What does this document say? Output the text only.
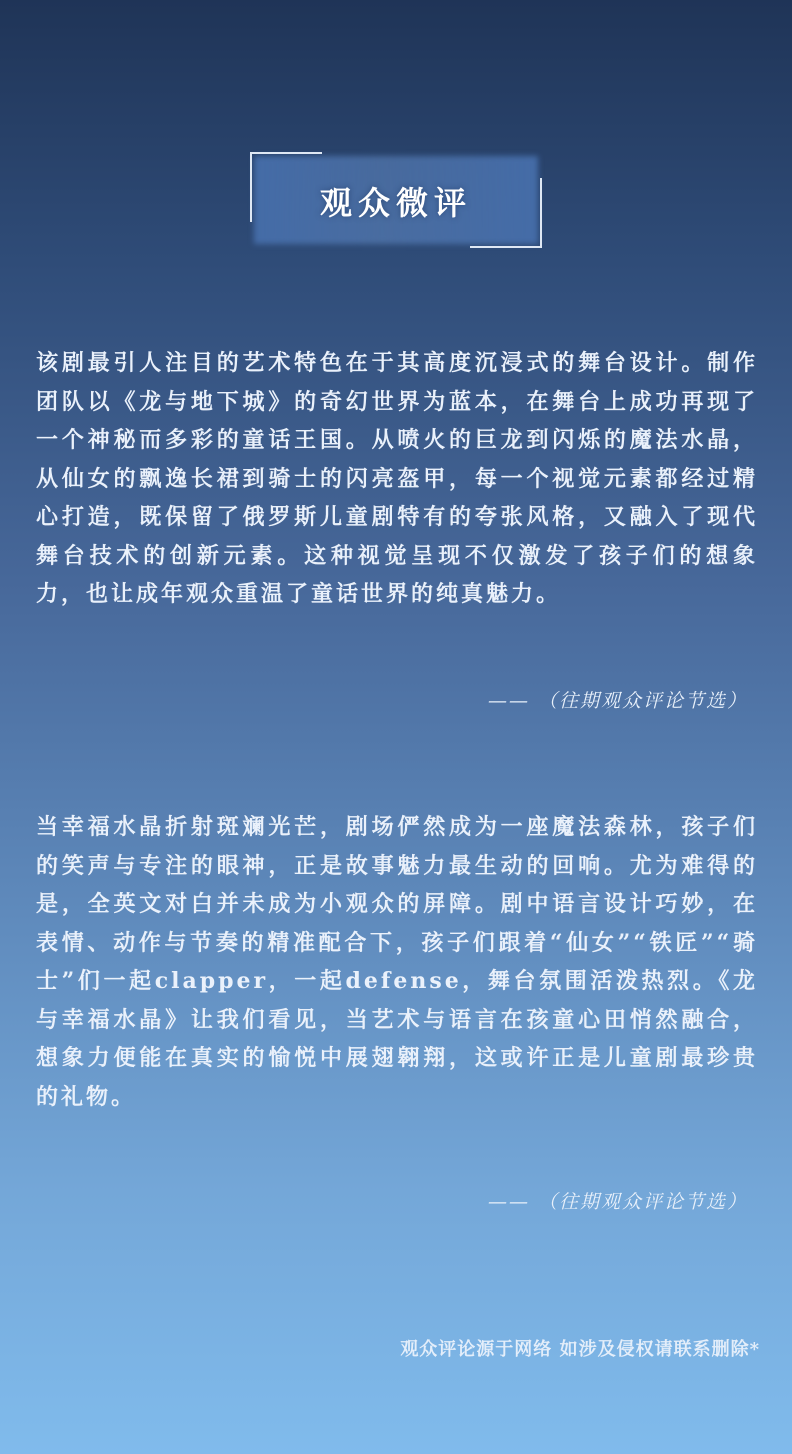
观众微评
该剧最引人注目的艺术特色在于其高度沉浸式的舞台设计。制作团队以《龙与地下城》的奇幻世界为蓝本，在舞台上成功再现了一个神秘而多彩的童话王国。从喷火的巨龙到闪烁的魔法水晶，从仙女的飘逸长裙到骑士的闪亮盔甲，每一个视觉元素都经过精心打造，既保留了俄罗斯儿童剧特有的夸张风格，又融入了现代舞台技术的创新元素。这种视觉呈现不仅激发了孩子们的想象力，也让成年观众重温了童话世界的纯真魅力。
—— （往期观众评论节选）
当幸福水晶折射斑斓光芒，剧场俨然成为一座魔法森林，孩子们的笑声与专注的眼神，正是故事魅力最生动的回响。尤为难得的是，全英文对白并未成为小观众的屏障。剧中语言设计巧妙，在表情、动作与节奏的精准配合下，孩子们跟着“仙女”“铁匠”“骑士”们一起clapper，一起defense，舞台氛围活泼热烈。《龙与幸福水晶》让我们看见，当艺术与语言在孩童心田悄然融合，想象力便能在真实的愉悦中展翅翱翔，这或许正是儿童剧最珍贵的礼物。
—— （往期观众评论节选）
观众评论源于网络 如涉及侵权请联系删除*
